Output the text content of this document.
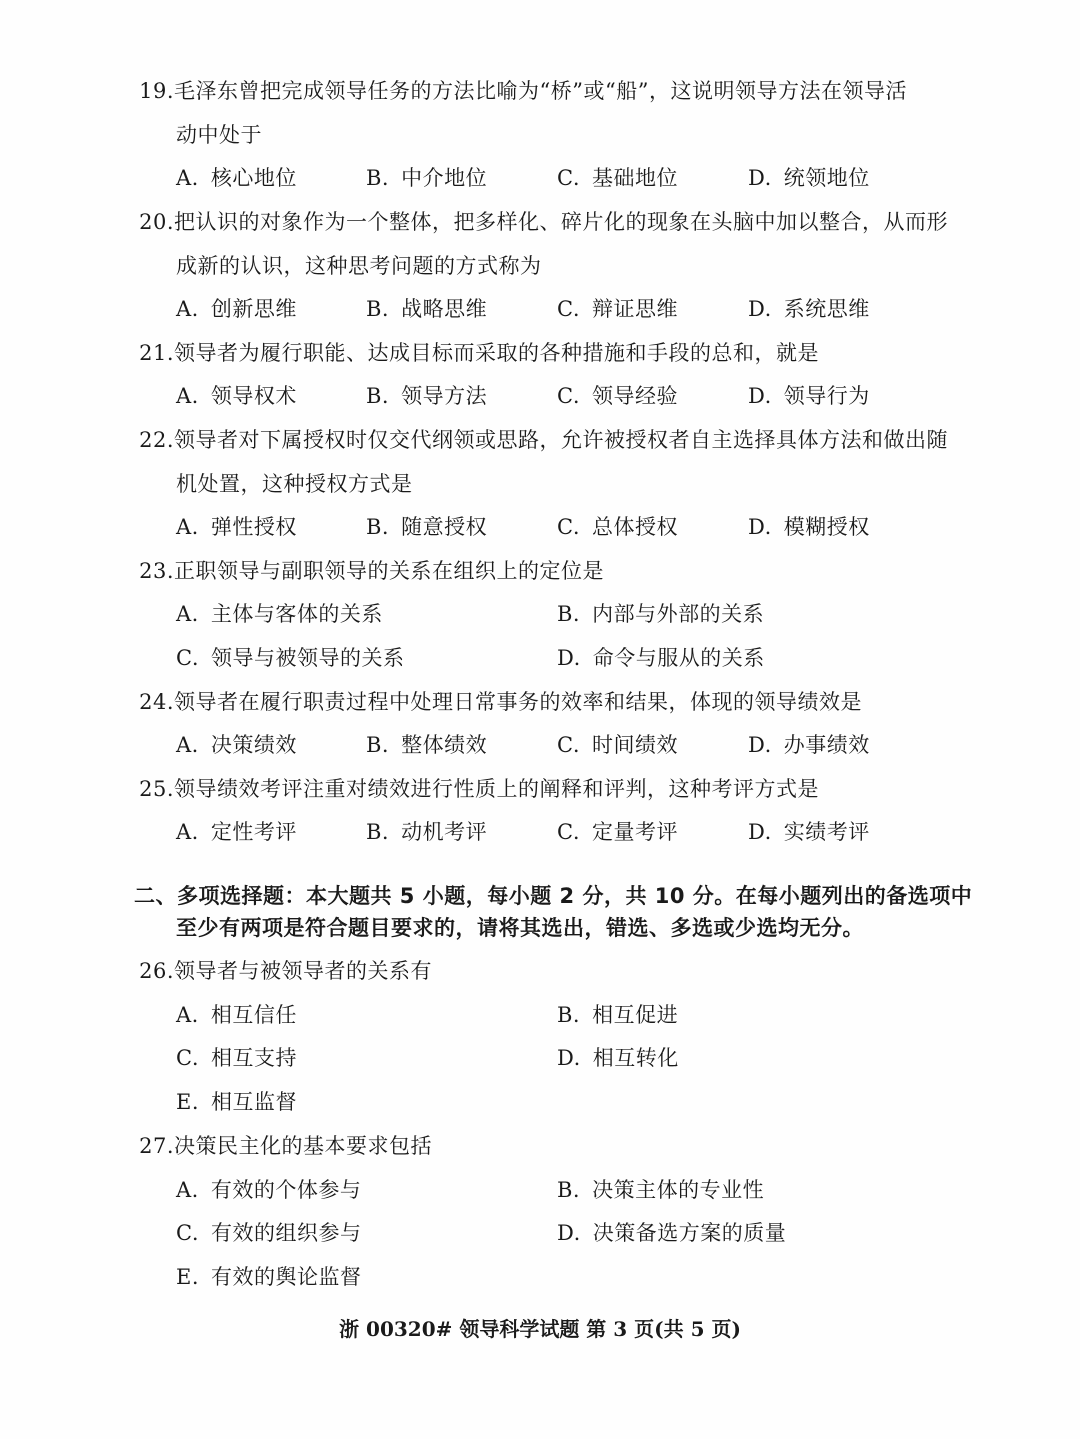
19.毛泽东曾把完成领导任务的方法比喻为“桥”或“船”，这说明领导方法在领导活
动中处于
A. 核心地位	B. 中介地位	C. 基础地位	D. 统领地位
20.把认识的对象作为一个整体，把多样化、碎片化的现象在头脑中加以整合，从而形
成新的认识，这种思考问题的方式称为
A. 创新思维	B. 战略思维	C. 辩证思维	D. 系统思维
21.领导者为履行职能、达成目标而采取的各种措施和手段的总和，就是
A. 领导权术	B. 领导方法	C. 领导经验	D. 领导行为
22.领导者对下属授权时仅交代纲领或思路，允许被授权者自主选择具体方法和做出随
机处置，这种授权方式是
A. 弹性授权	B. 随意授权	C. 总体授权	D. 模糊授权
23.正职领导与副职领导的关系在组织上的定位是
A. 主体与客体的关系	B. 内部与外部的关系
C. 领导与被领导的关系	D. 命令与服从的关系
24.领导者在履行职责过程中处理日常事务的效率和结果，体现的领导绩效是
A. 决策绩效	B. 整体绩效	C. 时间绩效	D. 办事绩效
25.领导绩效考评注重对绩效进行性质上的阐释和评判，这种考评方式是
A. 定性考评	B. 动机考评	C. 定量考评	D. 实绩考评
二、多项选择题：本大题共 5 小题，每小题 2 分，共 10 分。在每小题列出的备选项中
至少有两项是符合题目要求的，请将其选出，错选、多选或少选均无分。
26.领导者与被领导者的关系有
A. 相互信任	B. 相互促进
C. 相互支持	D. 相互转化
E. 相互监督
27.决策民主化的基本要求包括
A. 有效的个体参与	B. 决策主体的专业性
C. 有效的组织参与	D. 决策备选方案的质量
E. 有效的舆论监督
浙 00320# 领导科学试题 第 3 页(共 5 页)
